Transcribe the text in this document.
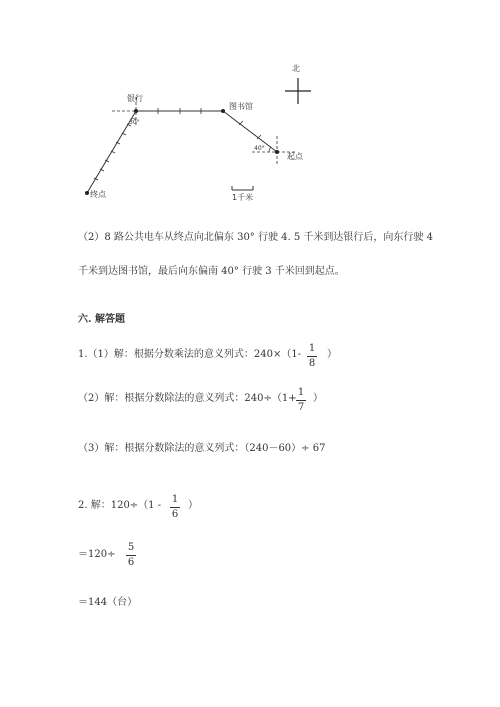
北
银行
图书馆
终点
起点
30°
40°
1千米
（2）8 路公共电车从终点向北偏东 30° 行驶 4. 5 千米到达银行后，向东行驶 4
千米到达图书馆，最后向东偏南 40° 行驶 3 千米回到起点。
六. 解答题
1.（1）解：根据分数乘法的意义列式：240×（1-
1
8
）
（2）解：根据分数除法的意义列式：240÷（1+
1
7
）
（3）解：根据分数除法的意义列式：（240－60）÷ 67
2. 解：120÷（1 -
1
6
）
＝120÷
5
6
＝144（台）
